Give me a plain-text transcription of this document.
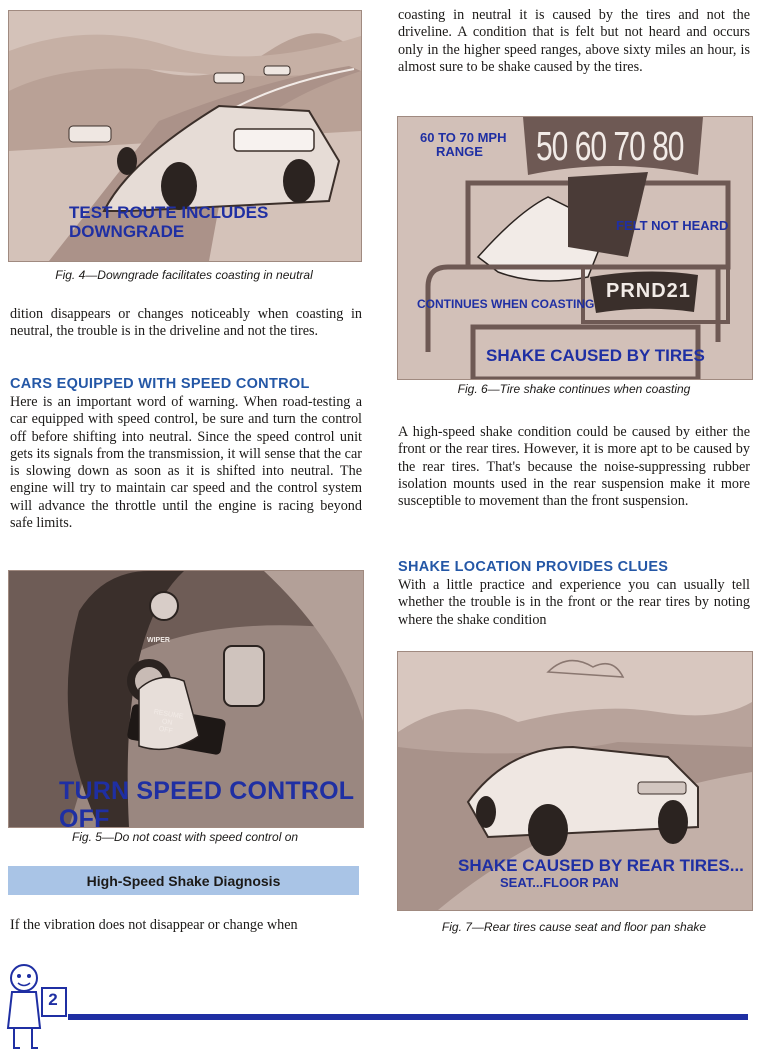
TEST ROUTE INCLUDES
DOWNGRADE
Fig. 4—Downgrade facilitates coasting in neutral

dition disappears or changes noticeably when coasting in neutral, the trouble is in the driveline and not the tires.

CARS EQUIPPED WITH SPEED CONTROL

Here is an important word of warning. When road-testing a car equipped with speed control, be sure and turn the control off before shifting into neutral. Since the speed control unit gets its signals from the transmission, it will sense that the car is slowing down as soon as it is shifted into neutral. The engine will try to maintain car speed and the control system will advance the throttle until the engine is racing beyond safe limits.

WIPER
RESUME
ON
OFF
TURN SPEED CONTROL OFF
Fig. 5—Do not coast with speed control on
High-Speed Shake Diagnosis

If the vibration does not disappear or change when

coasting in neutral it is caused by the tires and not the driveline. A condition that is felt but not heard and occurs only in the higher speed ranges, above sixty miles an hour, is almost sure to be shake caused by the tires.

50 60 70 80
60 TO 70 MPH
RANGE
FELT NOT HEARD
CONTINUES WHEN COASTING
PRND21
SHAKE CAUSED BY TIRES
Fig. 6—Tire shake continues when coasting

A high-speed shake condition could be caused by either the front or the rear tires. However, it is more apt to be caused by the rear tires. That's because the noise-suppressing rubber isolation mounts used in the rear suspension make it more susceptible to movement than the front suspension.

SHAKE LOCATION PROVIDES CLUES

With a little practice and experience you can usually tell whether the trouble is in the front or the rear tires by noting where the shake condition

SHAKE CAUSED BY REAR TIRES...
SEAT...FLOOR PAN
Fig. 7—Rear tires cause seat and floor pan shake
2
